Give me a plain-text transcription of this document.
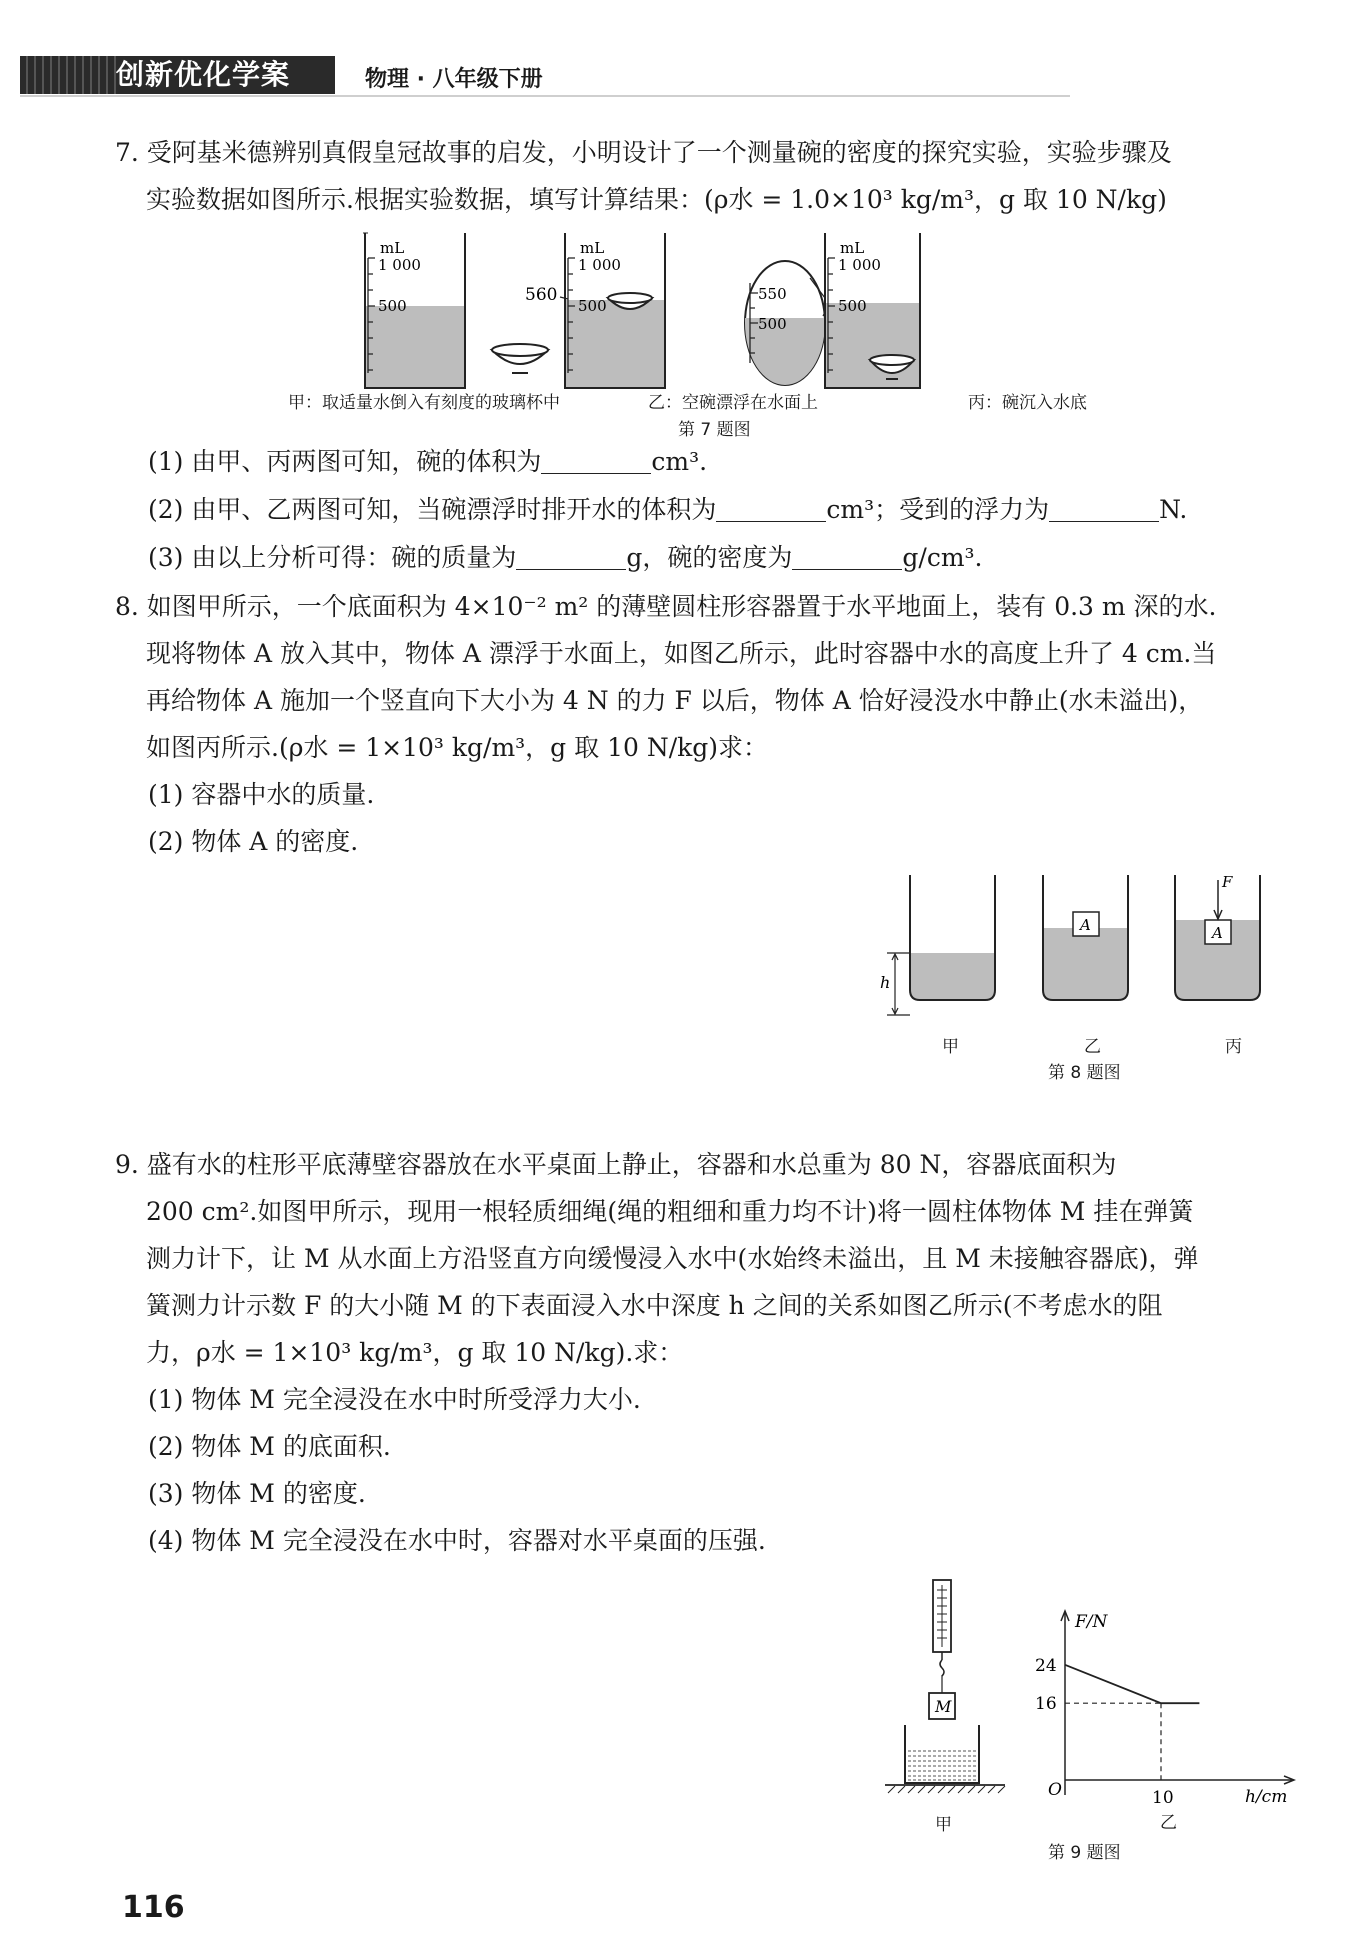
创新优化学案	物理 · 八年级下册
7. 受阿基米德辨别真假皇冠故事的启发，小明设计了一个测量碗的密度的探究实验，实验步骤及
实验数据如图所示.根据实验数据，填写计算结果：(ρ水 = 1.0×10³ kg/m³，g 取 10 N/kg)
mL
1 000
500
mL
1 000
500
560	550
500
mL
1 000
500
甲：取适量水倒入有刻度的玻璃杯中	乙：空碗漂浮在水面上	丙：碗沉入水底
第 7 题图
(1) 由甲、丙两图可知，碗的体积为	cm³.
(2) 由甲、乙两图可知，当碗漂浮时排开水的体积为	cm³；受到的浮力为	N.
(3) 由以上分析可得：碗的质量为	g，碗的密度为	g/cm³.
8. 如图甲所示，一个底面积为 4×10⁻² m² 的薄壁圆柱形容器置于水平地面上，装有 0.3 m 深的水.
现将物体 A 放入其中，物体 A 漂浮于水面上，如图乙所示，此时容器中水的高度上升了 4 cm.当
再给物体 A 施加一个竖直向下大小为 4 N 的力 F 以后，物体 A 恰好浸没水中静止(水未溢出)，
如图丙所示.(ρ水 = 1×10³ kg/m³，g 取 10 N/kg)求：
(1) 容器中水的质量.
(2) 物体 A 的密度.
h
A	A
F
甲	乙	丙
第 8 题图
9. 盛有水的柱形平底薄壁容器放在水平桌面上静止，容器和水总重为 80 N，容器底面积为
200 cm².如图甲所示，现用一根轻质细绳(绳的粗细和重力均不计)将一圆柱体物体 M 挂在弹簧
测力计下，让 M 从水面上方沿竖直方向缓慢浸入水中(水始终未溢出，且 M 未接触容器底)，弹
簧测力计示数 F 的大小随 M 的下表面浸入水中深度 h 之间的关系如图乙所示(不考虑水的阻
力，ρ水 = 1×10³ kg/m³，g 取 10 N/kg).求：
(1) 物体 M 完全浸没在水中时所受浮力大小.
(2) 物体 M 的底面积.
(3) 物体 M 的密度.
(4) 物体 M 完全浸没在水中时，容器对水平桌面的压强.
M
甲
F/N
h/cm
O
24
16
10
乙
第 9 题图
116
